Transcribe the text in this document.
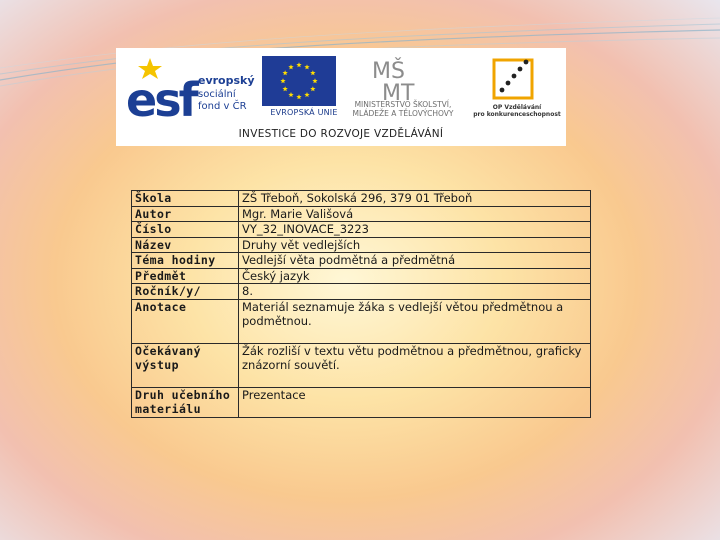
esf evropský
sociální
fond v ČR
EVROPSKÁ UNIE
MŠ
MT
MINISTERSTVO ŠKOLSTVÍ,
MLÁDEŽE A TĚLOVÝCHOVY
OP Vzdělávání
pro konkurenceschopnost
INVESTICE DO ROZVOJE VZDĚLÁVÁNÍ
Škola	ZŠ Třeboň, Sokolská 296, 379 01 Třeboň
Autor	Mgr. Marie Vališová
Číslo	VY_32_INOVACE_3223
Název	Druhy vět vedlejších
Téma hodiny	Vedlejší věta podmětná a předmětná
Předmět	Český jazyk
Ročník/y/	8.
Anotace	Materiál seznamuje žáka s vedlejší větou předmětnou a podmětnou.
Očekávaný výstup	Žák rozliší v textu větu podmětnou a předmětnou, graficky znázorní souvětí.
Druh učebního materiálu	Prezentace
